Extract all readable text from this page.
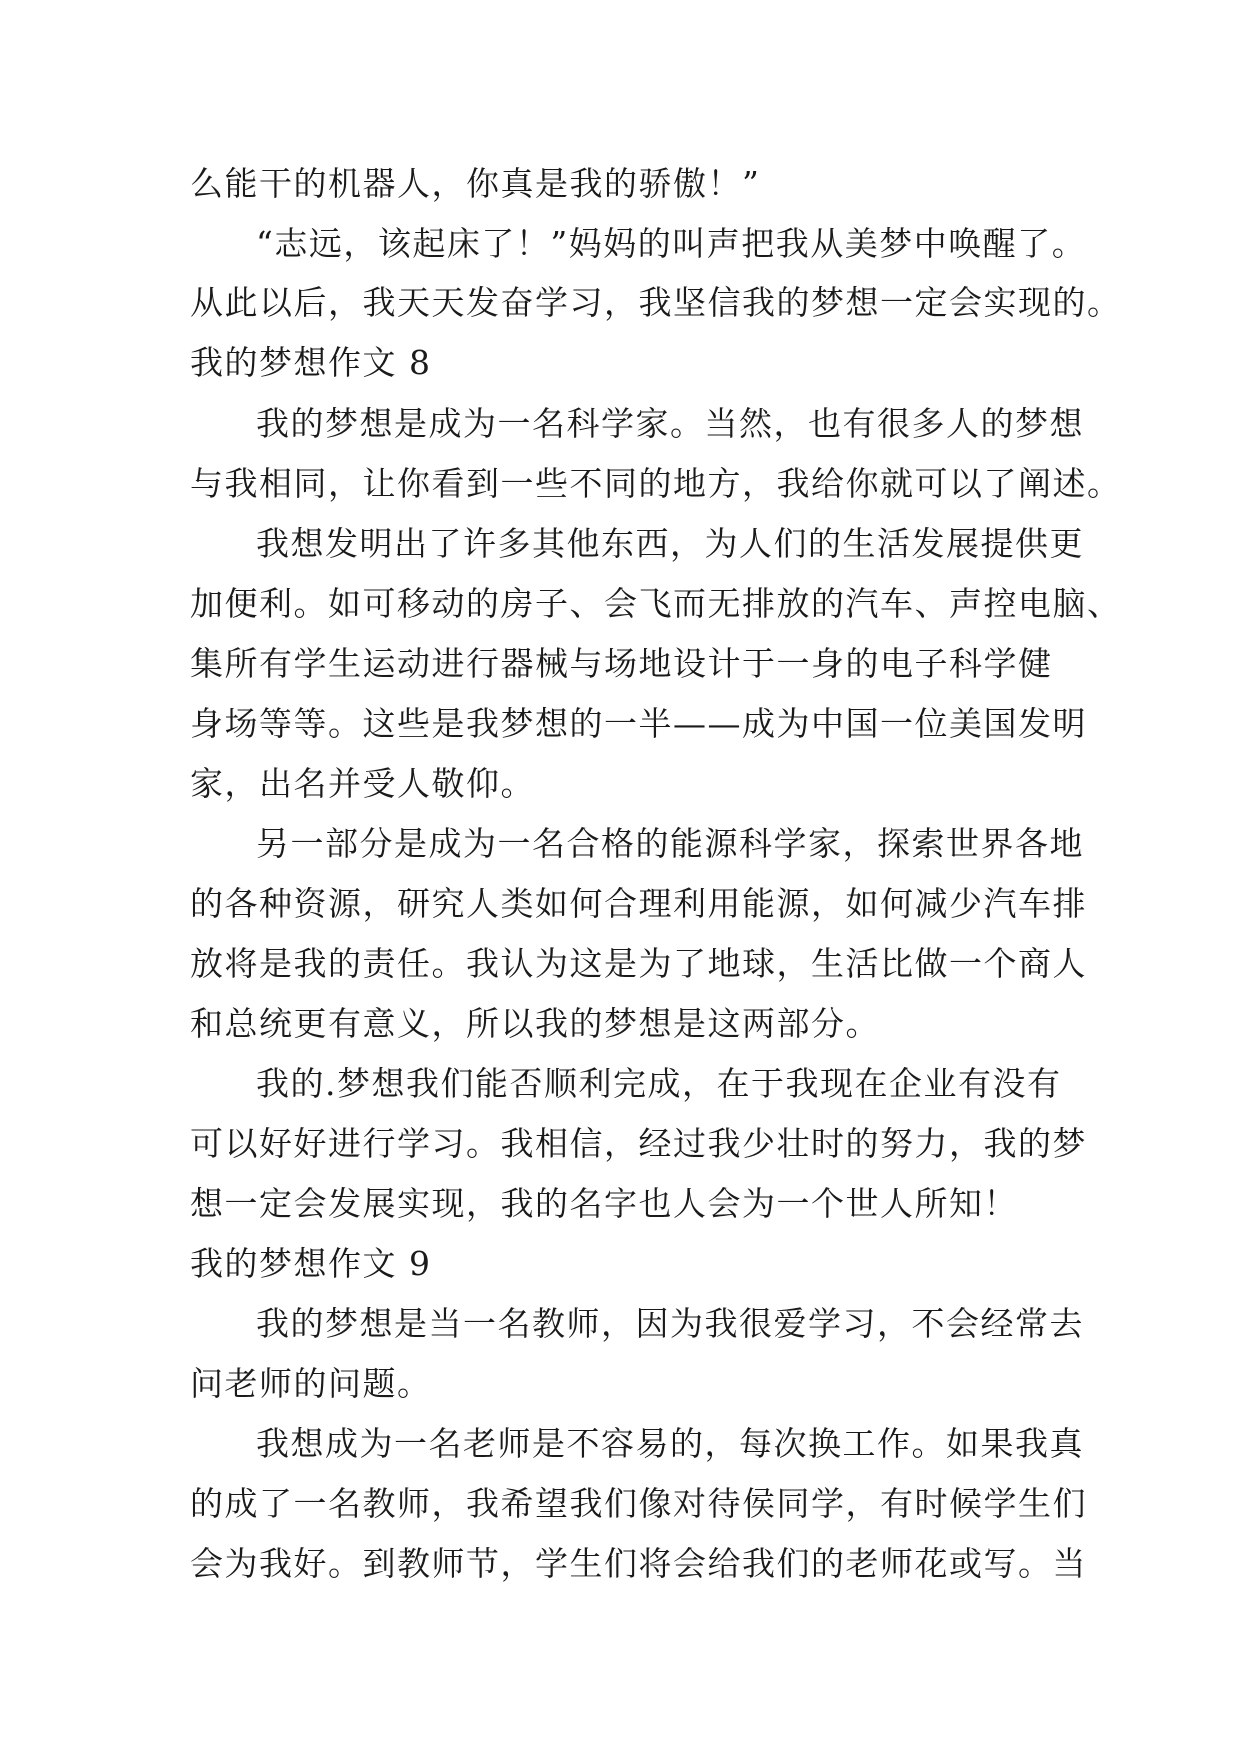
么能干的机器人，你真是我的骄傲！”
“志远，该起床了！”妈妈的叫声把我从美梦中唤醒了。
从此以后，我天天发奋学习，我坚信我的梦想一定会实现的。
我的梦想作文 8
我的梦想是成为一名科学家。当然，也有很多人的梦想
与我相同，让你看到一些不同的地方，我给你就可以了阐述。
我想发明出了许多其他东西，为人们的生活发展提供更
加便利。如可移动的房子、会飞而无排放的汽车、声控电脑、
集所有学生运动进行器械与场地设计于一身的电子科学健
身场等等。这些是我梦想的一半——成为中国一位美国发明
家，出名并受人敬仰。
另一部分是成为一名合格的能源科学家，探索世界各地
的各种资源，研究人类如何合理利用能源，如何减少汽车排
放将是我的责任。我认为这是为了地球，生活比做一个商人
和总统更有意义，所以我的梦想是这两部分。
我的.梦想我们能否顺利完成，在于我现在企业有没有
可以好好进行学习。我相信，经过我少壮时的努力，我的梦
想一定会发展实现，我的名字也人会为一个世人所知！
我的梦想作文 9
我的梦想是当一名教师，因为我很爱学习，不会经常去
问老师的问题。
我想成为一名老师是不容易的，每次换工作。如果我真
的成了一名教师，我希望我们像对待侯同学，有时候学生们
会为我好。到教师节，学生们将会给我们的老师花或写。当
